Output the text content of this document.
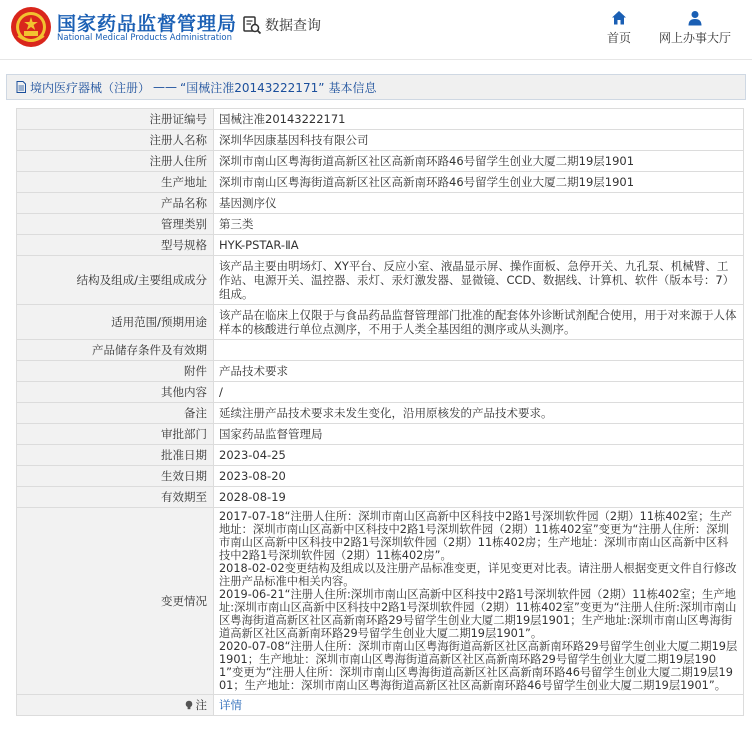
国家药品监督管理局
National Medical Products Administration
数据查询
首页	网上办事大厅
境内医疗器械（注册） —— “国械注准20143222171” 基本信息
注册证编号	国械注准20143222171
注册人名称	深圳华因康基因科技有限公司
注册人住所	深圳市南山区粤海街道高新区社区高新南环路46号留学生创业大厦二期19层1901
生产地址	深圳市南山区粤海街道高新区社区高新南环路46号留学生创业大厦二期19层1901
产品名称	基因测序仪
管理类别	第三类
型号规格	HYK-PSTAR-ⅡA
结构及组成/主要组成成分	该产品主要由明场灯、XY平台、反应小室、液晶显示屏、操作面板、急停开关、九孔泵、机械臂、工作站、电源开关、温控器、汞灯、汞灯激发器、显微镜、CCD、数据线、计算机、软件（版本号：7）组成。
适用范围/预期用途	该产品在临床上仅限于与食品药品监督管理部门批准的配套体外诊断试剂配合使用，用于对来源于人体样本的核酸进行单位点测序，不用于人类全基因组的测序或从头测序。
产品储存条件及有效期	
附件	产品技术要求
其他内容	/
备注	延续注册产品技术要求未发生变化，沿用原核发的产品技术要求。
审批部门	国家药品监督管理局
批准日期	2023-04-25
生效日期	2023-08-20
有效期至	2028-08-19
变更情况	2017-07-18“注册人住所：深圳市南山区高新中区科技中2路1号深圳软件园（2期）11栋402室；生产地址：深圳市南山区高新中区科技中2路1号深圳软件园（2期）11栋402室”变更为“注册人住所：深圳市南山区高新中区科技中2路1号深圳软件园（2期）11栋402房；生产地址：深圳市南山区高新中区科技中2路1号深圳软件园（2期）11栋402房”。
2018-02-02变更结构及组成以及注册产品标准变更，详见变更对比表。请注册人根据变更文件自行修改注册产品标准中相关内容。
2019-06-21“注册人住所:深圳市南山区高新中区科技中2路1号深圳软件园（2期）11栋402室；生产地址:深圳市南山区高新中区科技中2路1号深圳软件园（2期）11栋402室”变更为“注册人住所:深圳市南山区粤海街道高新区社区高新南环路29号留学生创业大厦二期19层1901；生产地址:深圳市南山区粤海街道高新区社区高新南环路29号留学生创业大厦二期19层1901”。
2020-07-08“注册人住所：深圳市南山区粤海街道高新区社区高新南环路29号留学生创业大厦二期19层1901；生产地址：深圳市南山区粤海街道高新区社区高新南环路29号留学生创业大厦二期19层1901”变更为“注册人住所：深圳市南山区粤海街道高新区社区高新南环路46号留学生创业大厦二期19层1901；生产地址：深圳市南山区粤海街道高新区社区高新南环路46号留学生创业大厦二期19层1901”。

注	详情
